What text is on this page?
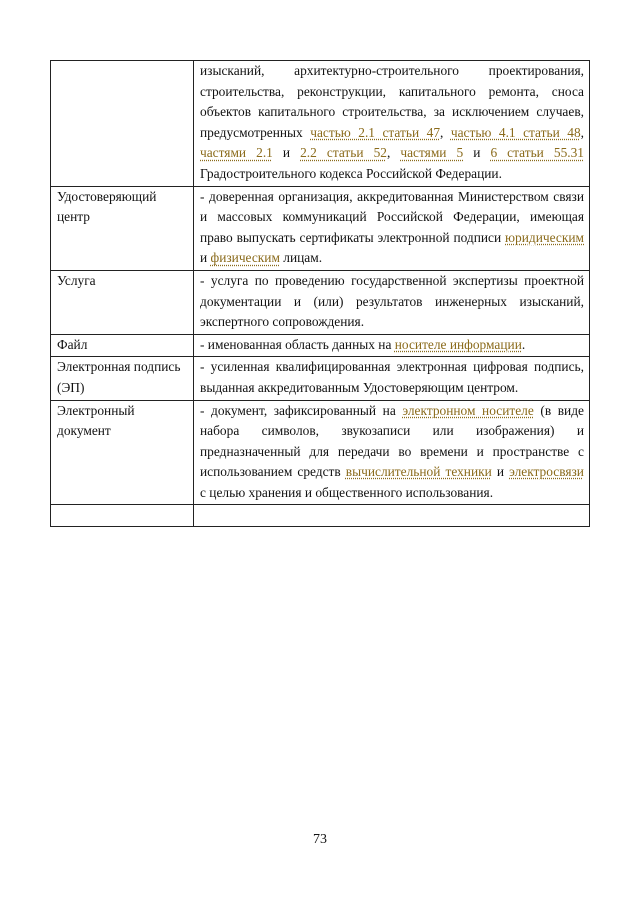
	изысканий, архитектурно-строительного проектирования, строительства, реконструкции, капитального ремонта, сноса объектов капитального строительства, за исключением случаев, предусмотренных частью 2.1 статьи 47, частью 4.1 статьи 48, частями 2.1 и 2.2 статьи 52, частями 5 и 6 статьи 55.31 Градостроительного кодекса Российской Федерации.
Удостоверяющий центр	- доверенная организация, аккредитованная Министерством связи и массовых коммуникаций Российской Федерации, имеющая право выпускать сертификаты электронной подписи юридическим и физическим лицам.
Услуга	- услуга по проведению государственной экспертизы проектной документации и (или) результатов инженерных изысканий, экспертного сопровождения.
Файл	- именованная область данных на носителе информации.
Электронная подпись (ЭП)	- усиленная квалифицированная электронная цифровая подпись, выданная аккредитованным Удостоверяющим центром.
Электронный документ	- документ, зафиксированный на электронном носителе (в виде набора символов, звукозаписи или изображения) и предназначенный для передачи во времени и пространстве с использованием средств вычислительной техники и электросвязи с целью хранения и общественного использования.

73
